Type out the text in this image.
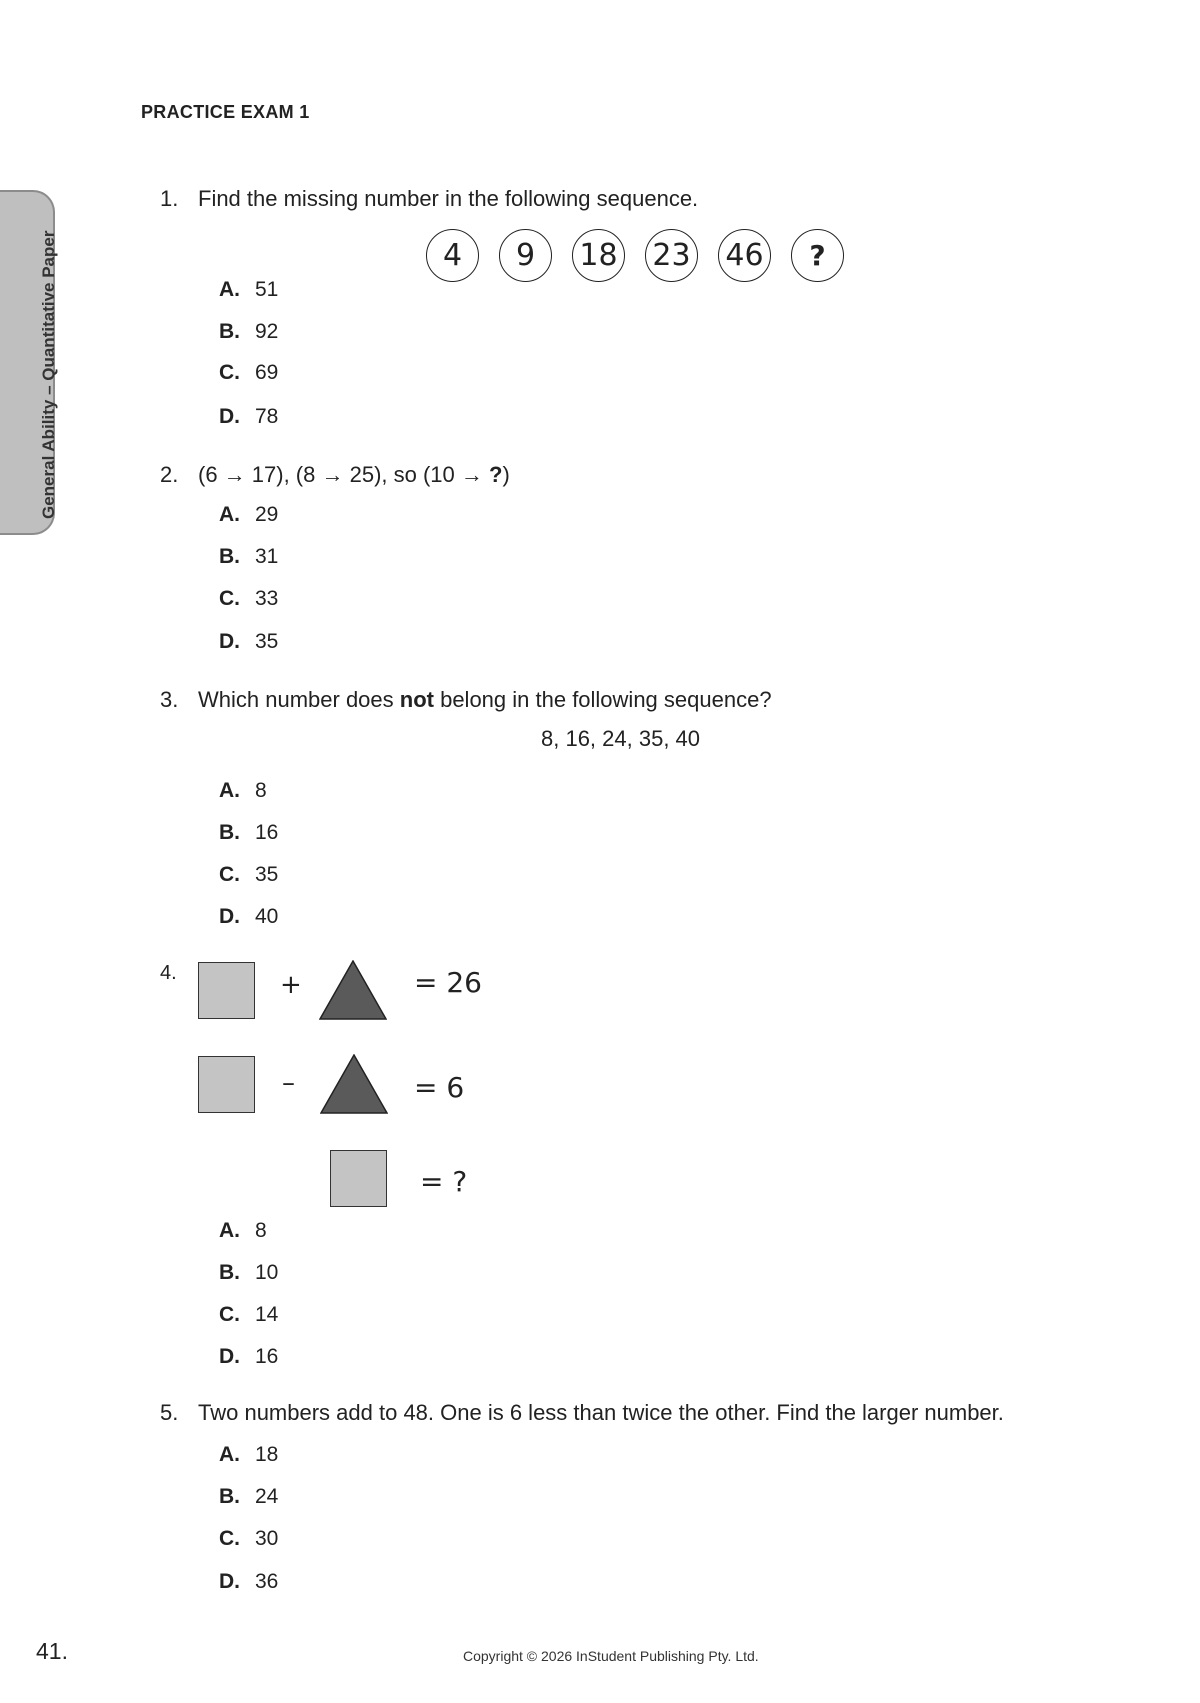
PRACTICE EXAM 1
General Ability – Quantitative Paper
1. Find the missing number in the following sequence.
4	9	18 23 46	?
A. 51
B. 92
C. 69
D. 78
2. (6 → 17), (8 → 25), so (10 → ?)
A. 29
B. 31
C. 33
D. 35
3. Which number does not belong in the following sequence?
8, 16, 24, 35, 40
A. 8
B. 16
C. 35
D. 40
4.	+	= 26
–	= 6
= ?
A. 8
B. 10
C. 14
D. 16
5. Two numbers add to 48. One is 6 less than twice the other. Find the larger number.
A. 18
B. 24
C. 30
D. 36
41.	Copyright © 2026 InStudent Publishing Pty. Ltd.
